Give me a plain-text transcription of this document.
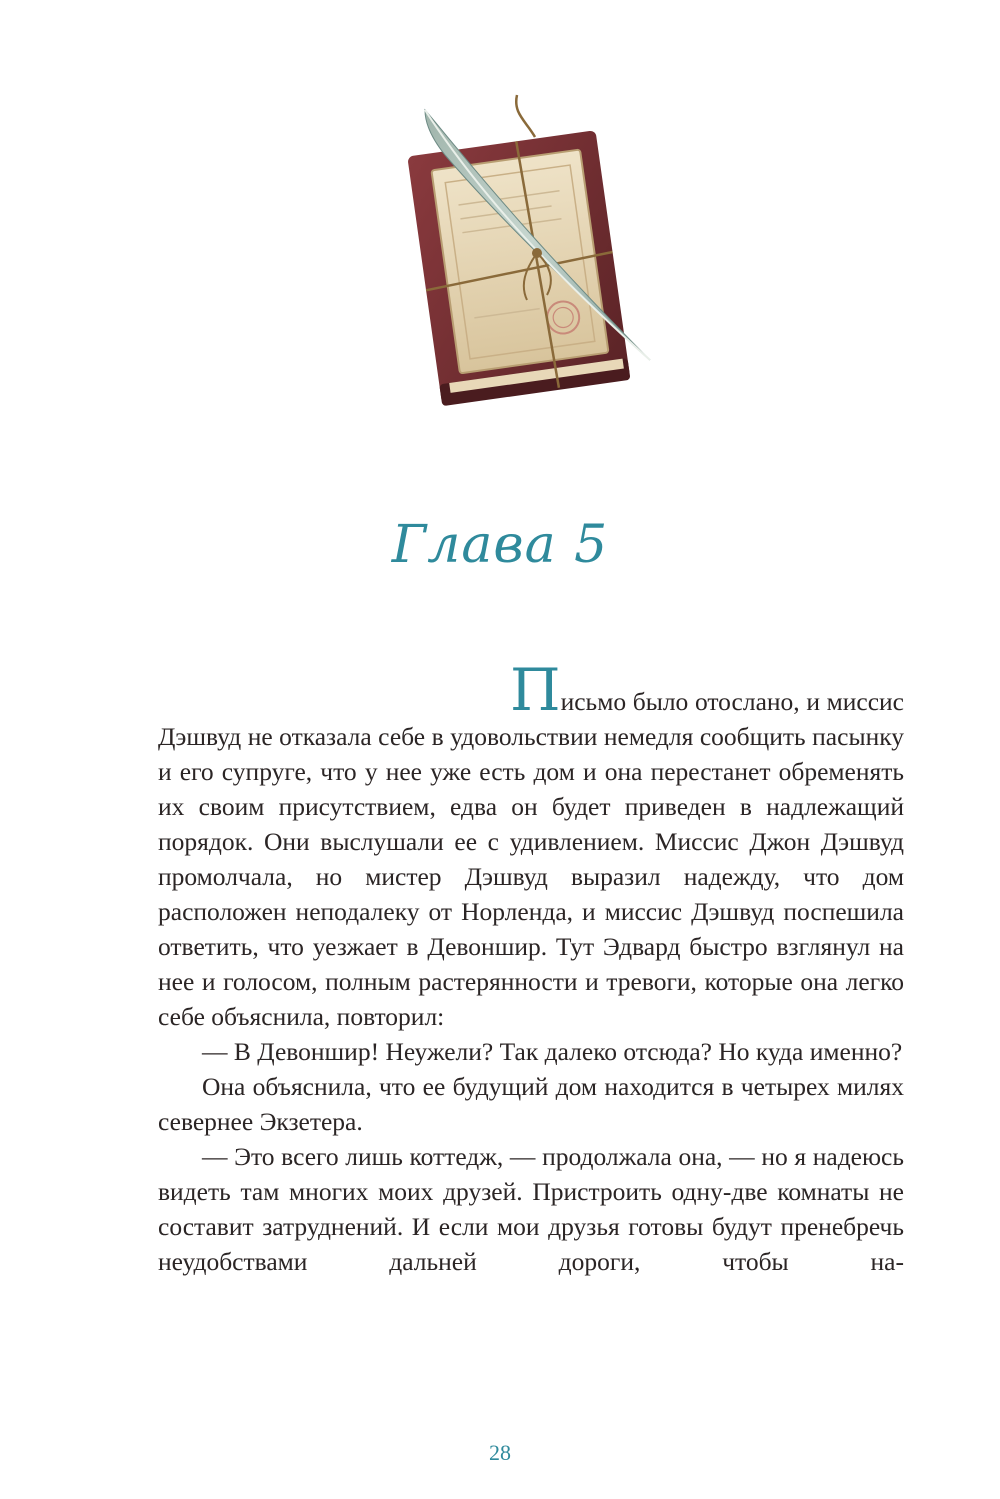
Глава 5

Письмо было отослано, и миссис Дэшвуд не отказала себе в удовольствии немедля сообщить пасынку и его супруге, что у нее уже есть дом и она перестанет обременять их своим присутствием, едва он будет приведен в надлежащий порядок. Они выслушали ее с удивлением. Миссис Джон Дэшвуд промолчала, но мистер Дэшвуд выразил надежду, что дом расположен неподалеку от Норленда, и миссис Дэшвуд поспешила ответить, что уезжает в Девоншир. Тут Эдвард быстро взглянул на нее и голосом, полным растерянности и тревоги, которые она легко себе объяснила, повторил:

— В Девоншир! Неужели? Так далеко отсюда? Но куда именно?

Она объяснила, что ее будущий дом находится в четырех милях севернее Экзетера.

— Это всего лишь коттедж, — продолжала она, — но я надеюсь видеть там многих моих друзей. Пристроить одну-две комнаты не составит затруднений. И если мои друзья готовы будут пренебречь неудобствами дальней дороги, чтобы на-

28
